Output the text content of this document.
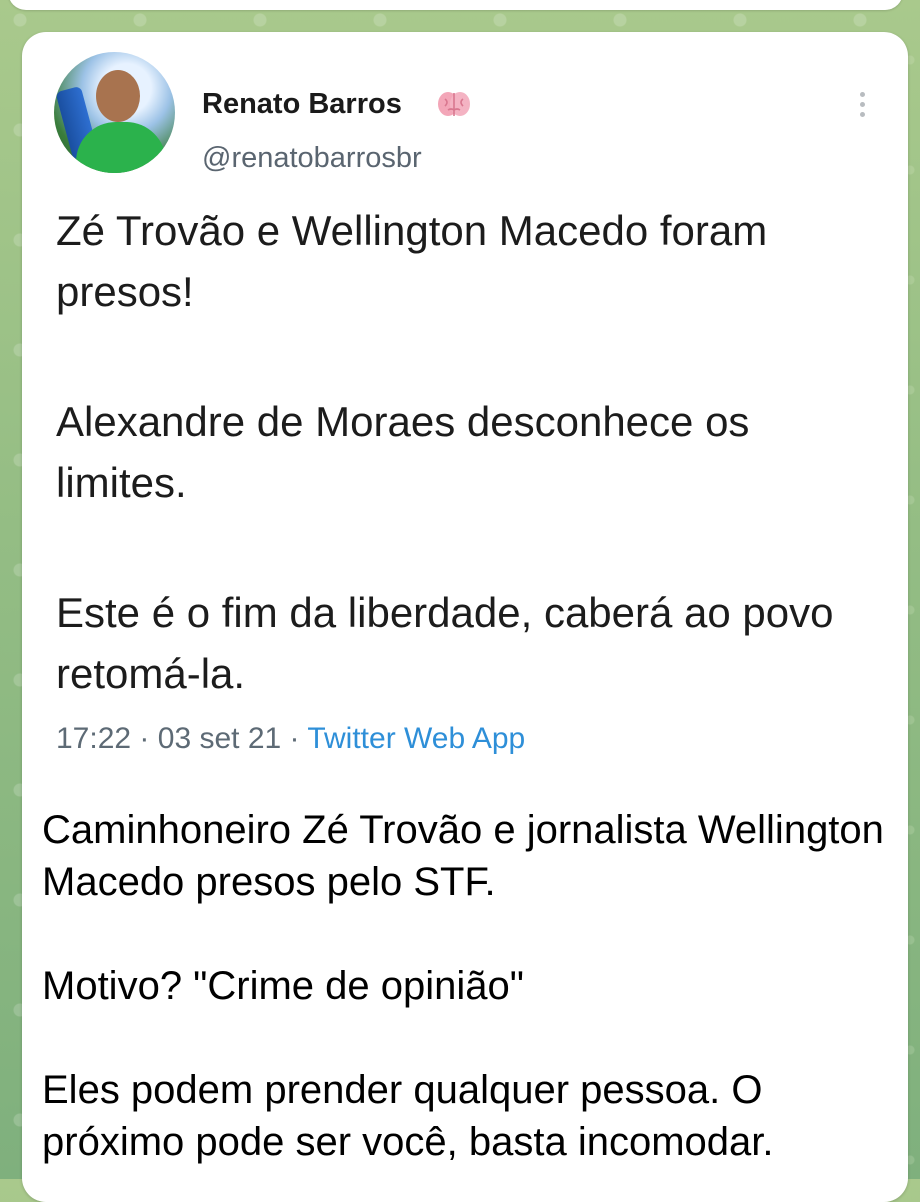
Renato Barros
@renatobarrosbr

Zé Trovão e Wellington Macedo foram presos!

Alexandre de Moraes desconhece os limites.

Este é o fim da liberdade, caberá ao povo retomá-la.

17:22 · 03 set 21 · Twitter Web App

Caminhoneiro Zé Trovão e jornalista Wellington Macedo presos pelo STF.

Motivo? "Crime de opinião"

Eles podem prender qualquer pessoa. O próximo pode ser você, basta incomodar.
